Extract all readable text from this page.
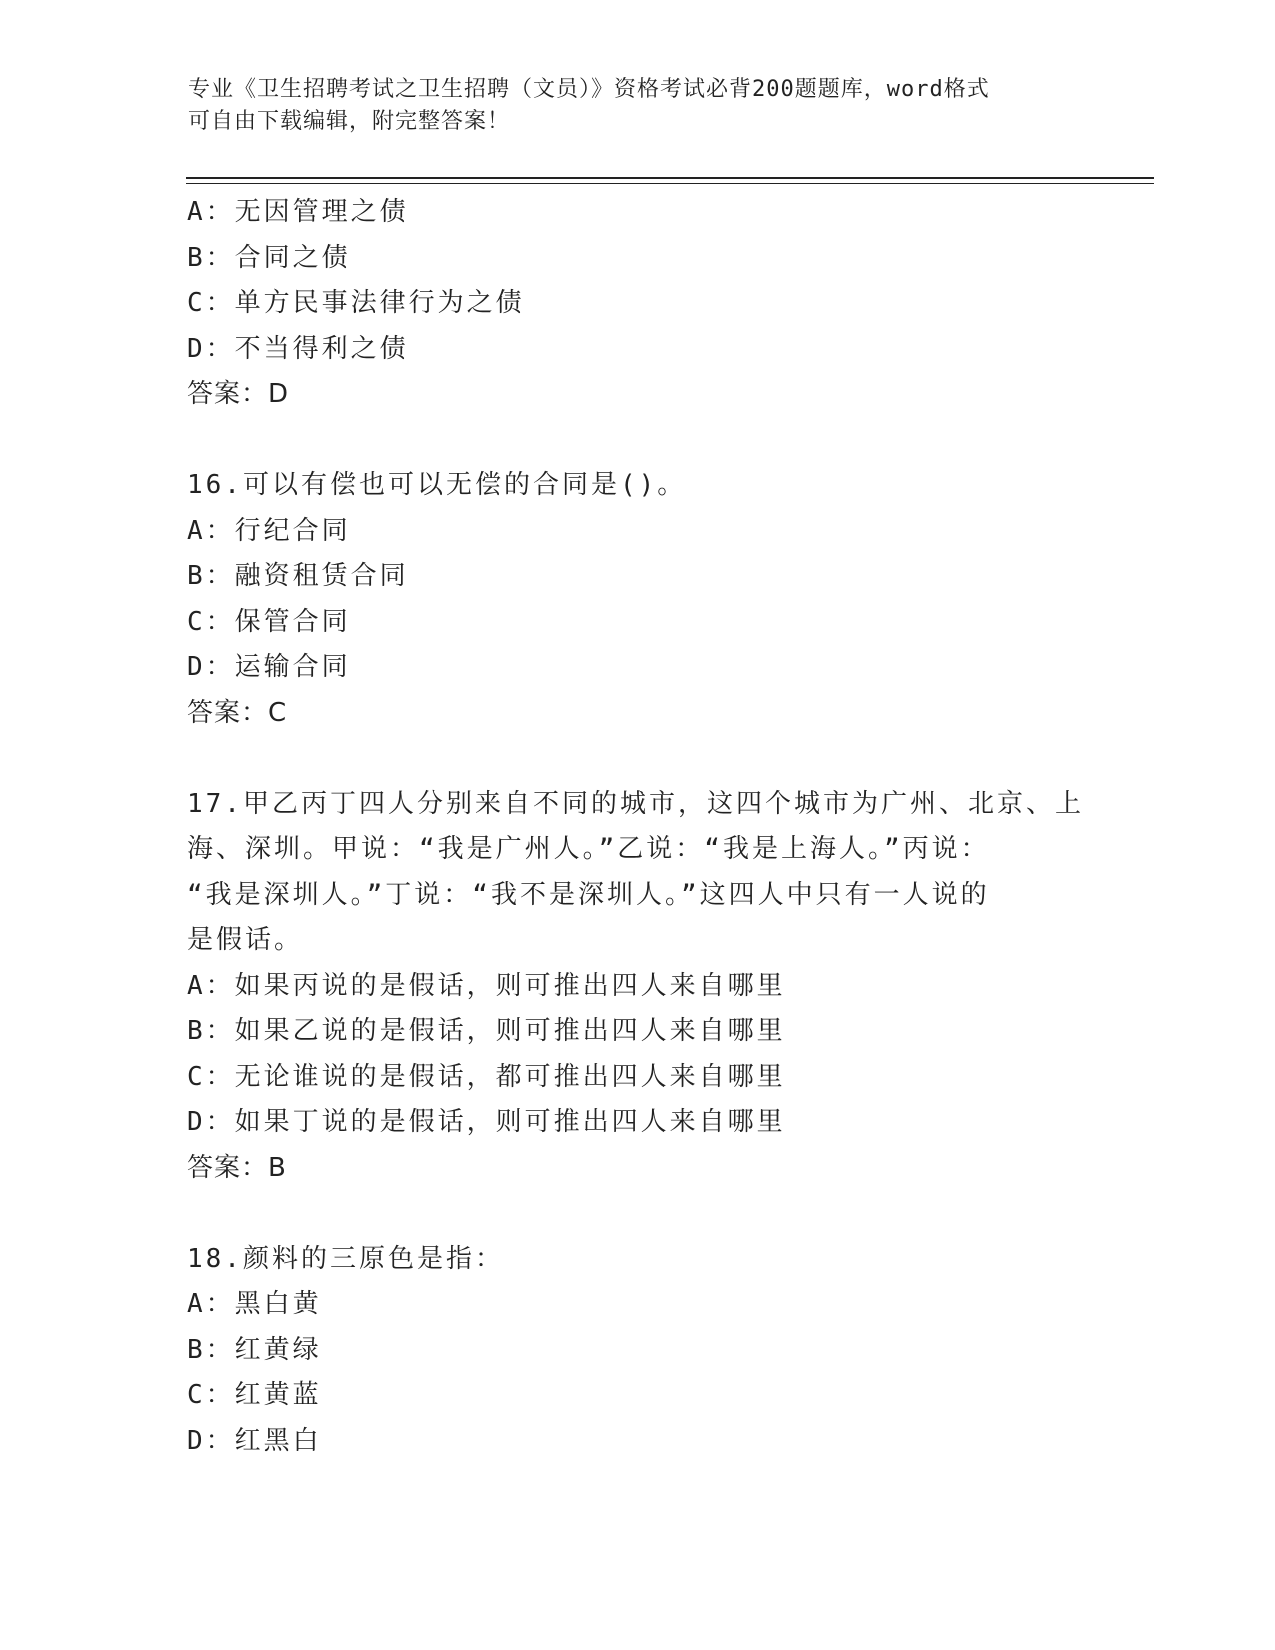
专业《卫生招聘考试之卫生招聘（文员）》资格考试必背200题题库，word格式
可自由下载编辑，附完整答案！
A：无因管理之债
B：合同之债
C：单方民事法律行为之债
D：不当得利之债
答案：D
16.可以有偿也可以无偿的合同是()。
A：行纪合同
B：融资租赁合同
C：保管合同
D：运输合同
答案：C
17.甲乙丙丁四人分别来自不同的城市，这四个城市为广州、北京、上
海、深圳。甲说：“我是广州人。”乙说：“我是上海人。”丙说：
“我是深圳人。”丁说：“我不是深圳人。”这四人中只有一人说的
是假话。
A：如果丙说的是假话，则可推出四人来自哪里
B：如果乙说的是假话，则可推出四人来自哪里
C：无论谁说的是假话，都可推出四人来自哪里
D：如果丁说的是假话，则可推出四人来自哪里
答案：B
18.颜料的三原色是指：
A：黑白黄
B：红黄绿
C：红黄蓝
D：红黑白
